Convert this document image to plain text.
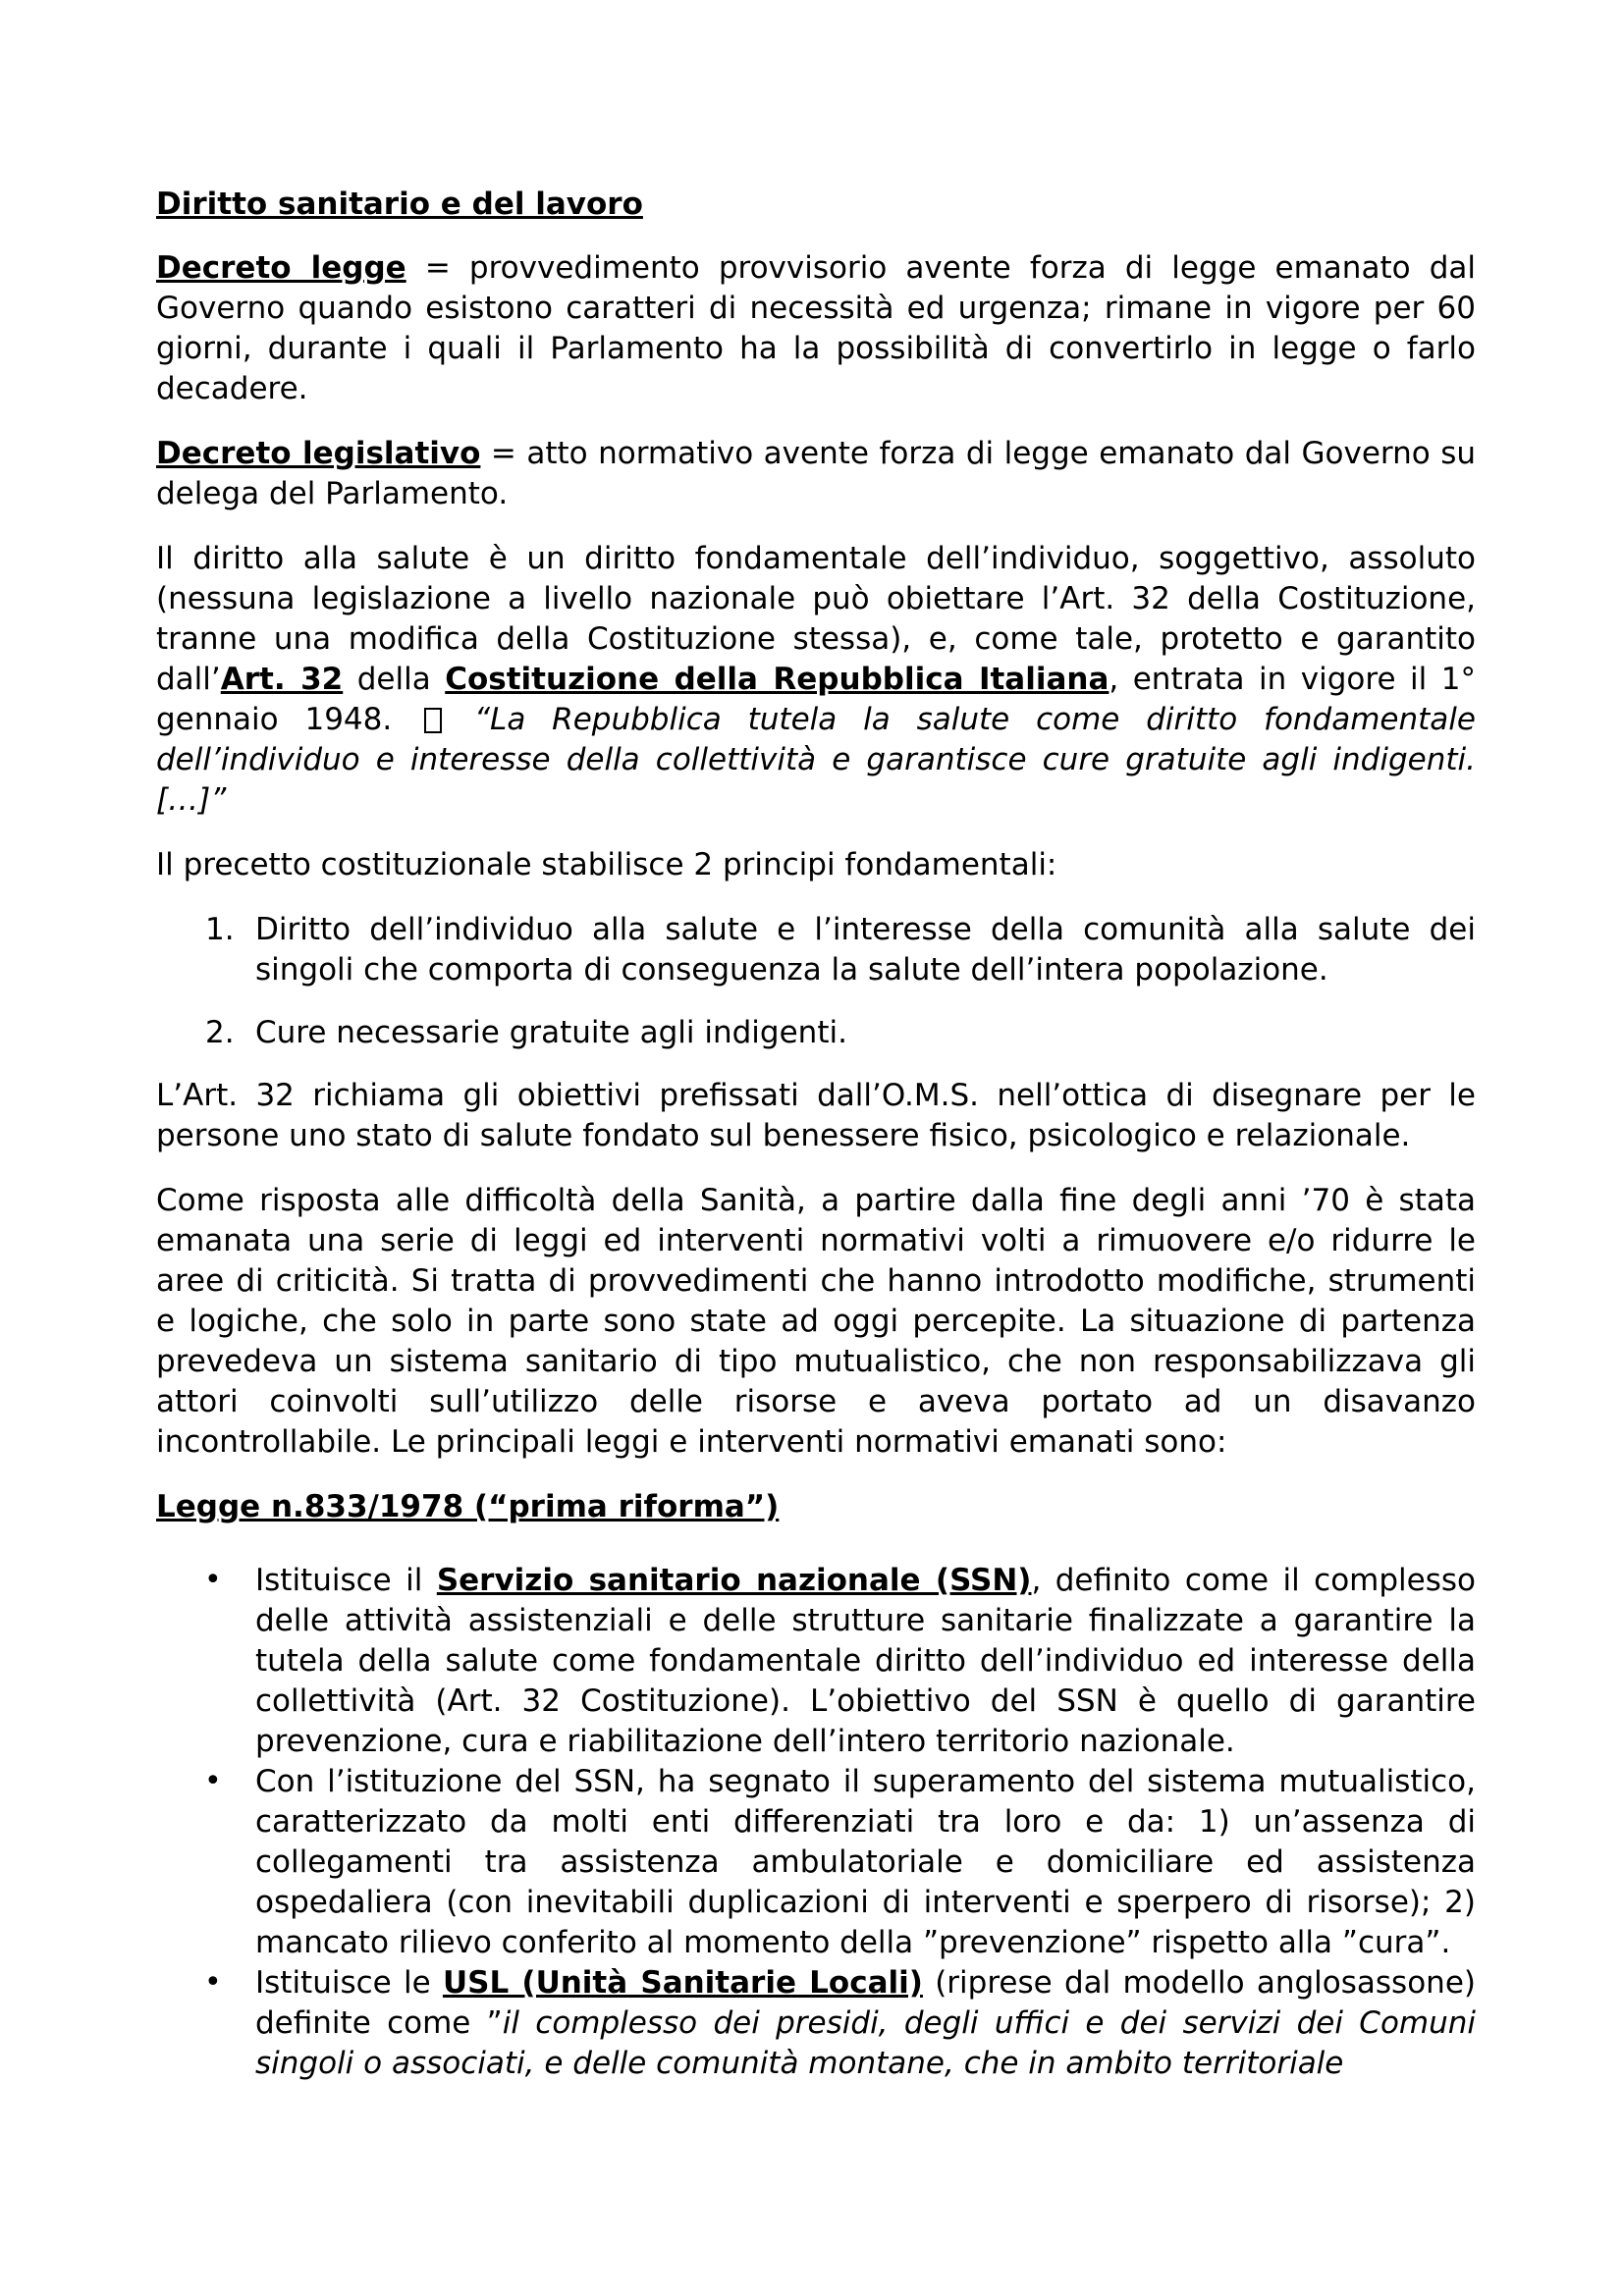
Diritto sanitario e del lavoro

Decreto legge = provvedimento provvisorio avente forza di legge emanato dal Governo quando esistono caratteri di necessità ed urgenza; rimane in vigore per 60 giorni, durante i quali il Parlamento ha la possibilità di convertirlo in legge o farlo decadere.

Decreto legislativo = atto normativo avente forza di legge emanato dal Governo su delega del Parlamento.

Il diritto alla salute è un diritto fondamentale dell’individuo, soggettivo, assoluto (nessuna legislazione a livello nazionale può obiettare l’Art. 32 della Costituzione, tranne una modifica della Costituzione stessa), e, come tale, protetto e garantito dall’Art. 32 della Costituzione della Repubblica Italiana, entrata in vigore il 1° gennaio 1948.  “La Repubblica tutela la salute come diritto fondamentale dell’individuo e interesse della collettività e garantisce cure gratuite agli indigenti. […]”

Il precetto costituzionale stabilisce 2 principi fondamentali:

1. Diritto dell’individuo alla salute e l’interesse della comunità alla salute dei singoli che comporta di conseguenza la salute dell’intera popolazione.
2. Cure necessarie gratuite agli indigenti.

L’Art. 32 richiama gli obiettivi prefissati dall’O.M.S. nell’ottica di disegnare per le persone uno stato di salute fondato sul benessere fisico, psicologico e relazionale.

Come risposta alle difficoltà della Sanità, a partire dalla fine degli anni ’70 è stata emanata una serie di leggi ed interventi normativi volti a rimuovere e/o ridurre le aree di criticità. Si tratta di provvedimenti che hanno introdotto modifiche, strumenti e logiche, che solo in parte sono state ad oggi percepite. La situazione di partenza prevedeva un sistema sanitario di tipo mutualistico, che non responsabilizzava gli attori coinvolti sull’utilizzo delle risorse e aveva portato ad un disavanzo incontrollabile. Le principali leggi e interventi normativi emanati sono:

Legge n.833/1978 (“prima riforma”)

• Istituisce il Servizio sanitario nazionale (SSN), definito come il complesso delle attività assistenziali e delle strutture sanitarie finalizzate a garantire la tutela della salute come fondamentale diritto dell’individuo ed interesse della collettività (Art. 32 Costituzione). L’obiettivo del SSN è quello di garantire prevenzione, cura e riabilitazione dell’intero territorio nazionale.
• Con l’istituzione del SSN, ha segnato il superamento del sistema mutualistico, caratterizzato da molti enti differenziati tra loro e da: 1) un’assenza di collegamenti tra assistenza ambulatoriale e domiciliare ed assistenza ospedaliera (con inevitabili duplicazioni di interventi e sperpero di risorse); 2) mancato rilievo conferito al momento della ”prevenzione” rispetto alla ”cura”.
• Istituisce le USL (Unità Sanitarie Locali) (riprese dal modello anglosassone) definite come ”il complesso dei presidi, degli uffici e dei servizi dei Comuni singoli o associati, e delle comunità montane, che in ambito territoriale
